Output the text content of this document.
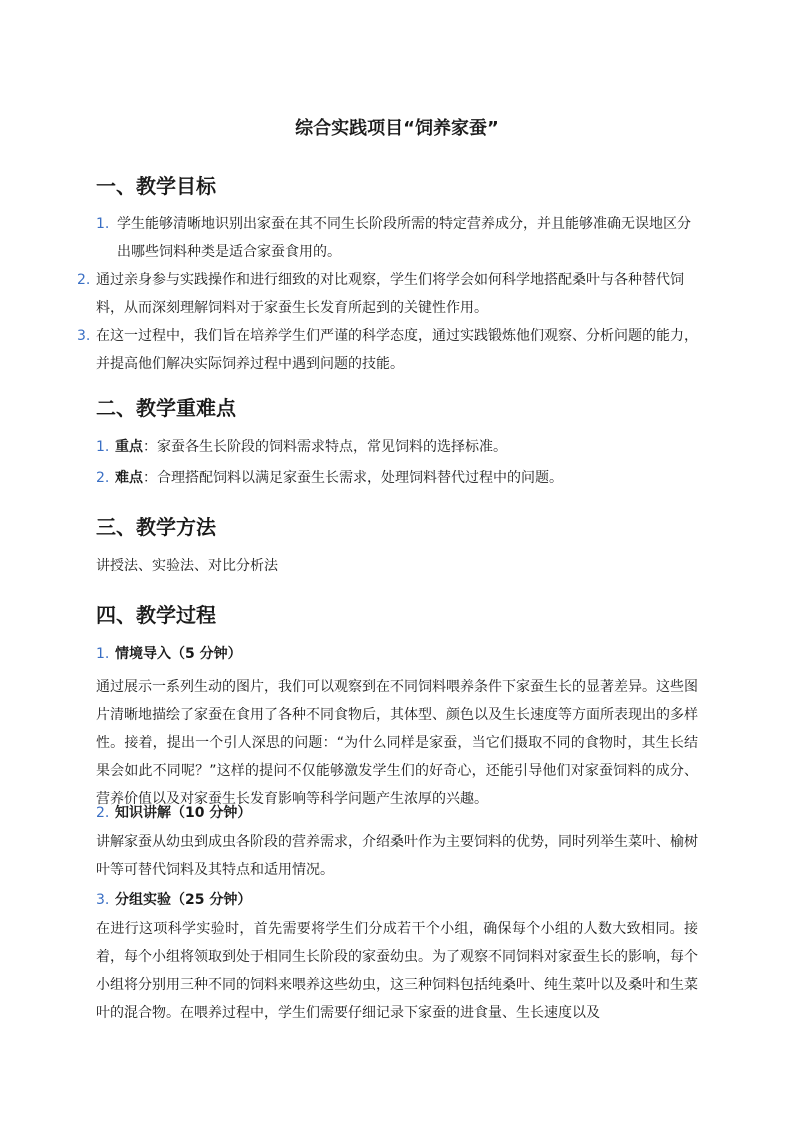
综合实践项目“饲养家蚕”
一、教学目标
1. 学生能够清晰地识别出家蚕在其不同生长阶段所需的特定营养成分，并且能够准确无误地区分出哪些饲料种类是适合家蚕食用的。
2. 通过亲身参与实践操作和进行细致的对比观察，学生们将学会如何科学地搭配桑叶与各种替代饲料，从而深刻理解饲料对于家蚕生长发育所起到的关键性作用。
3. 在这一过程中，我们旨在培养学生们严谨的科学态度，通过实践锻炼他们观察、分析问题的能力，并提高他们解决实际饲养过程中遇到问题的技能。
二、教学重难点
1. 重点：家蚕各生长阶段的饲料需求特点，常见饲料的选择标准。
2. 难点：合理搭配饲料以满足家蚕生长需求，处理饲料替代过程中的问题。
三、教学方法

讲授法、实验法、对比分析法

四、教学过程
1. 情境导入（5 分钟）

通过展示一系列生动的图片，我们可以观察到在不同饲料喂养条件下家蚕生长的显著差异。这些图片清晰地描绘了家蚕在食用了各种不同食物后，其体型、颜色以及生长速度等方面所表现出的多样性。接着，提出一个引人深思的问题：“为什么同样是家蚕，当它们摄取不同的食物时，其生长结果会如此不同呢？”这样的提问不仅能够激发学生们的好奇心，还能引导他们对家蚕饲料的成分、营养价值以及对家蚕生长发育影响等科学问题产生浓厚的兴趣。

2. 知识讲解（10 分钟）

讲解家蚕从幼虫到成虫各阶段的营养需求，介绍桑叶作为主要饲料的优势，同时列举生菜叶、榆树叶等可替代饲料及其特点和适用情况。

3. 分组实验（25 分钟）

在进行这项科学实验时，首先需要将学生们分成若干个小组，确保每个小组的人数大致相同。接着，每个小组将领取到处于相同生长阶段的家蚕幼虫。为了观察不同饲料对家蚕生长的影响，每个小组将分别用三种不同的饲料来喂养这些幼虫，这三种饲料包括纯桑叶、纯生菜叶以及桑叶和生菜叶的混合物。在喂养过程中，学生们需要仔细记录下家蚕的进食量、生长速度以及
